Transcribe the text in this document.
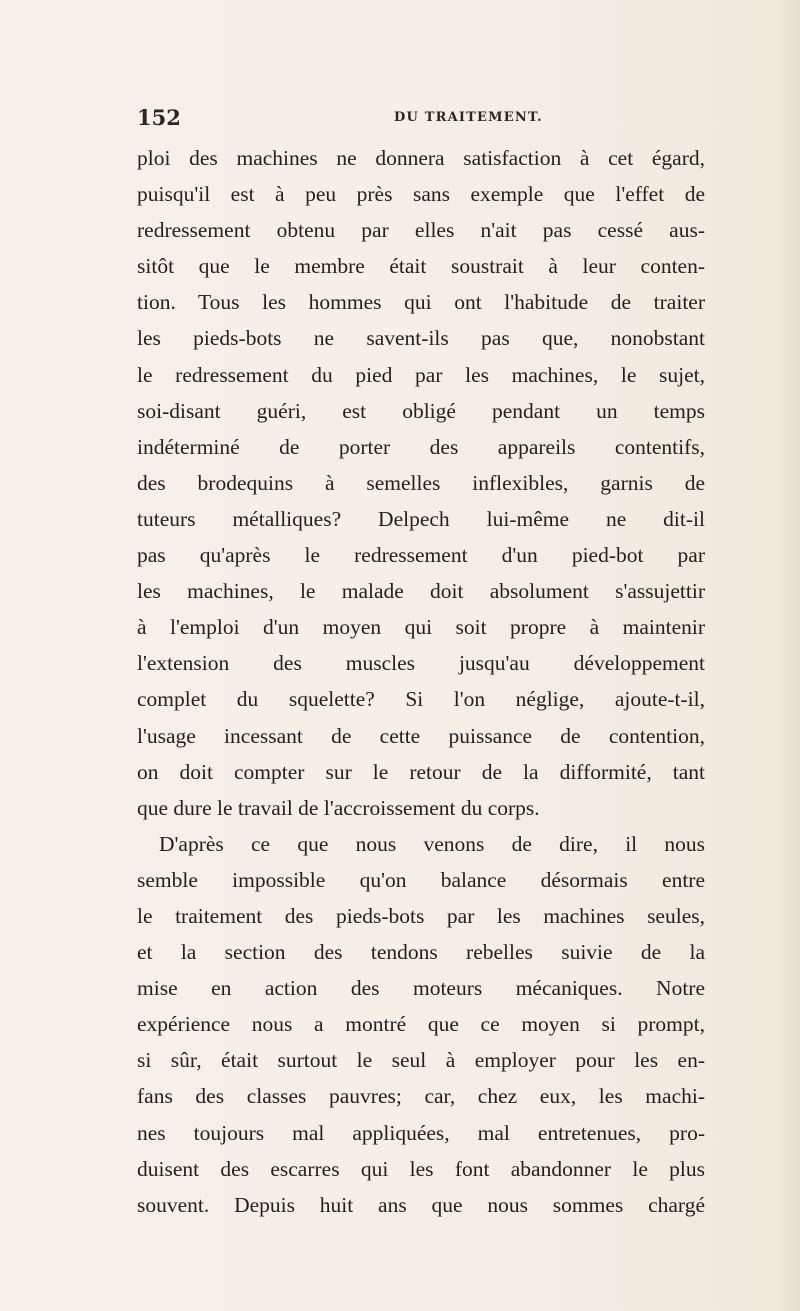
152	DU TRAITEMENT.
ploi des machines ne donnera satisfaction à cet égard,
puisqu'il est à peu près sans exemple que l'effet de
redressement obtenu par elles n'ait pas cessé aus-
sitôt que le membre était soustrait à leur conten-
tion. Tous les hommes qui ont l'habitude de traiter
les pieds-bots ne savent-ils pas que, nonobstant
le redressement du pied par les machines, le sujet,
soi-disant guéri, est obligé pendant un temps
indéterminé de porter des appareils contentifs,
des brodequins à semelles inflexibles, garnis de
tuteurs métalliques? Delpech lui-même ne dit-il
pas qu'après le redressement d'un pied-bot par
les machines, le malade doit absolument s'assujettir
à l'emploi d'un moyen qui soit propre à maintenir
l'extension des muscles jusqu'au développement
complet du squelette? Si l'on néglige, ajoute-t-il,
l'usage incessant de cette puissance de contention,
on doit compter sur le retour de la difformité, tant
que dure le travail de l'accroissement du corps.
D'après ce que nous venons de dire, il nous
semble impossible qu'on balance désormais entre
le traitement des pieds-bots par les machines seules,
et la section des tendons rebelles suivie de la
mise en action des moteurs mécaniques. Notre
expérience nous a montré que ce moyen si prompt,
si sûr, était surtout le seul à employer pour les en-
fans des classes pauvres; car, chez eux, les machi-
nes toujours mal appliquées, mal entretenues, pro-
duisent des escarres qui les font abandonner le plus
souvent. Depuis huit ans que nous sommes chargé
